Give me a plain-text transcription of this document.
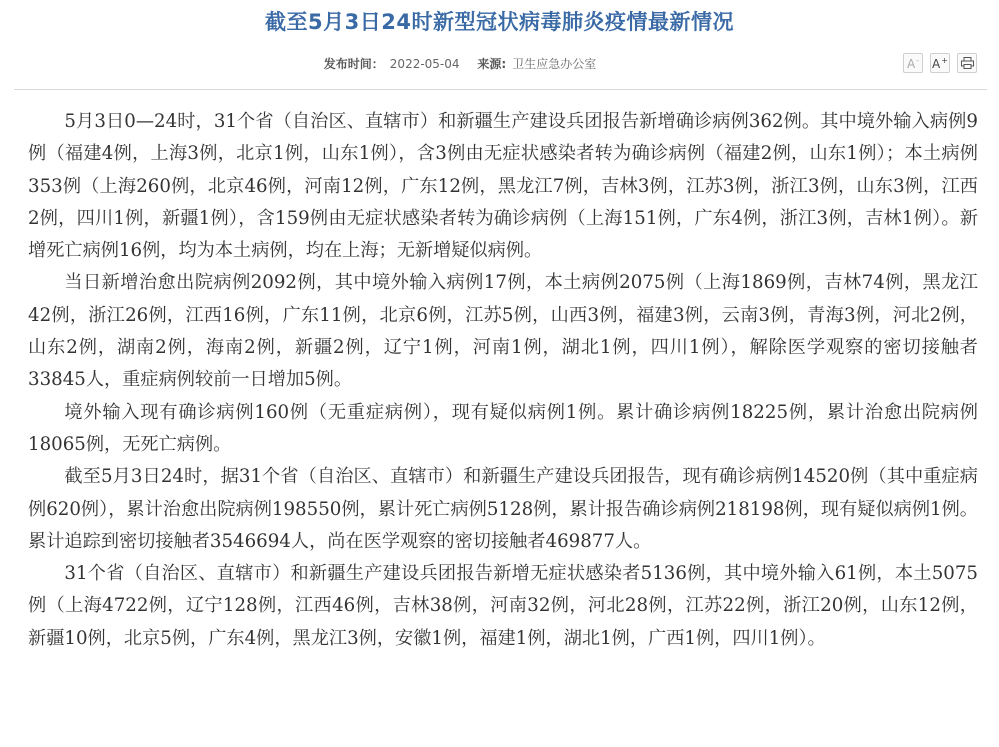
截至5月3日24时新型冠状病毒肺炎疫情最新情况
发布时间： 2022-05-04 来源: 卫生应急办公室	A- A+

5月3日0—24时，31个省（自治区、直辖市）和新疆生产建设兵团报告新增确诊病例362例。其中境外输入病例9例（福建4例，上海3例，北京1例，山东1例），含3例由无症状感染者转为确诊病例（福建2例，山东1例）；本土病例353例（上海260例，北京46例，河南12例，广东12例，黑龙江7例，吉林3例，江苏3例，浙江3例，山东3例，江西2例，四川1例，新疆1例），含159例由无症状感染者转为确诊病例（上海151例，广东4例，浙江3例，吉林1例）。新增死亡病例16例，均为本土病例，均在上海；无新增疑似病例。

当日新增治愈出院病例2092例，其中境外输入病例17例，本土病例2075例（上海1869例，吉林74例，黑龙江42例，浙江26例，江西16例，广东11例，北京6例，江苏5例，山西3例，福建3例，云南3例，青海3例，河北2例，山东2例，湖南2例，海南2例，新疆2例，辽宁1例，河南1例，湖北1例，四川1例），解除医学观察的密切接触者33845人，重症病例较前一日增加5例。

境外输入现有确诊病例160例（无重症病例），现有疑似病例1例。累计确诊病例18225例，累计治愈出院病例18065例，无死亡病例。

截至5月3日24时，据31个省（自治区、直辖市）和新疆生产建设兵团报告，现有确诊病例14520例（其中重症病例620例），累计治愈出院病例198550例，累计死亡病例5128例，累计报告确诊病例218198例，现有疑似病例1例。累计追踪到密切接触者3546694人，尚在医学观察的密切接触者469877人。

31个省（自治区、直辖市）和新疆生产建设兵团报告新增无症状感染者5136例，其中境外输入61例，本土5075例（上海4722例，辽宁128例，江西46例，吉林38例，河南32例，河北28例，江苏22例，浙江20例，山东12例，新疆10例，北京5例，广东4例，黑龙江3例，安徽1例，福建1例，湖北1例，广西1例，四川1例）。
